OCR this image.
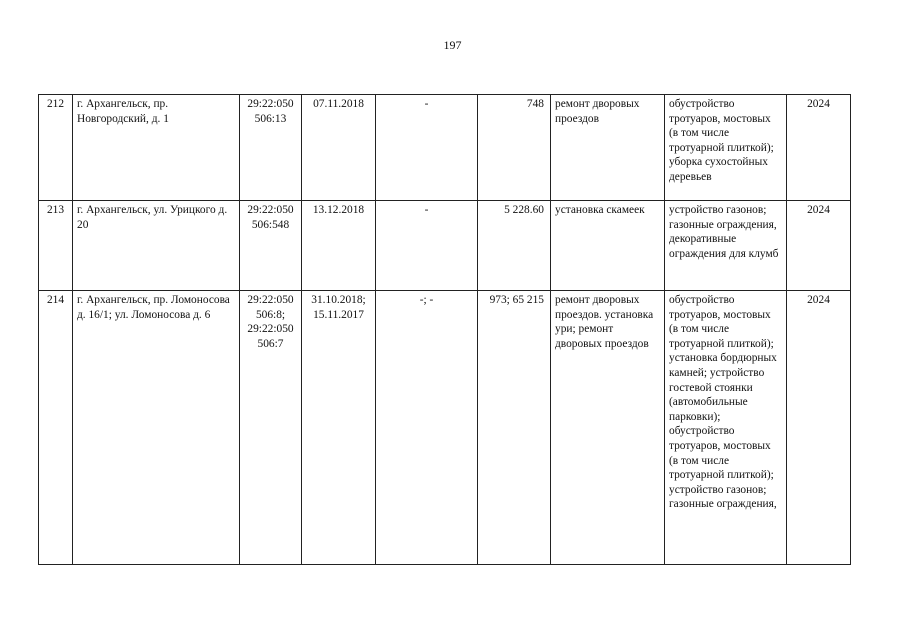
197
212	г. Архангельск, пр. Новгородский, д. 1	29:22:050 506:13	07.11.2018	-	748	ремонт дворовых проездов	обустройство тротуаров, мостовых (в том числе тротуарной плиткой); уборка сухостойных деревьев	2024
213	г. Архангельск, ул. Урицкого д. 20	29:22:050 506:548	13.12.2018	-	5 228.60	установка скамеек	устройство газонов; газонные ограждения, декоративные ограждения для клумб	2024
214	г. Архангельск, пр. Ломоносова д. 16/1; ул. Ломоносова д. 6	29:22:050 506:8; 29:22:050 506:7	31.10.2018; 15.11.2017	-; -	973; 65 215	ремонт дворовых проездов. установка ури; ремонт дворовых проездов	обустройство тротуаров, мостовых (в том числе тротуарной плиткой); установка бордюрных камней; устройство гостевой стоянки (автомобильные парковки); обустройство тротуаров, мостовых (в том числе тротуарной плиткой); устройство газонов; газонные ограждения,	2024
